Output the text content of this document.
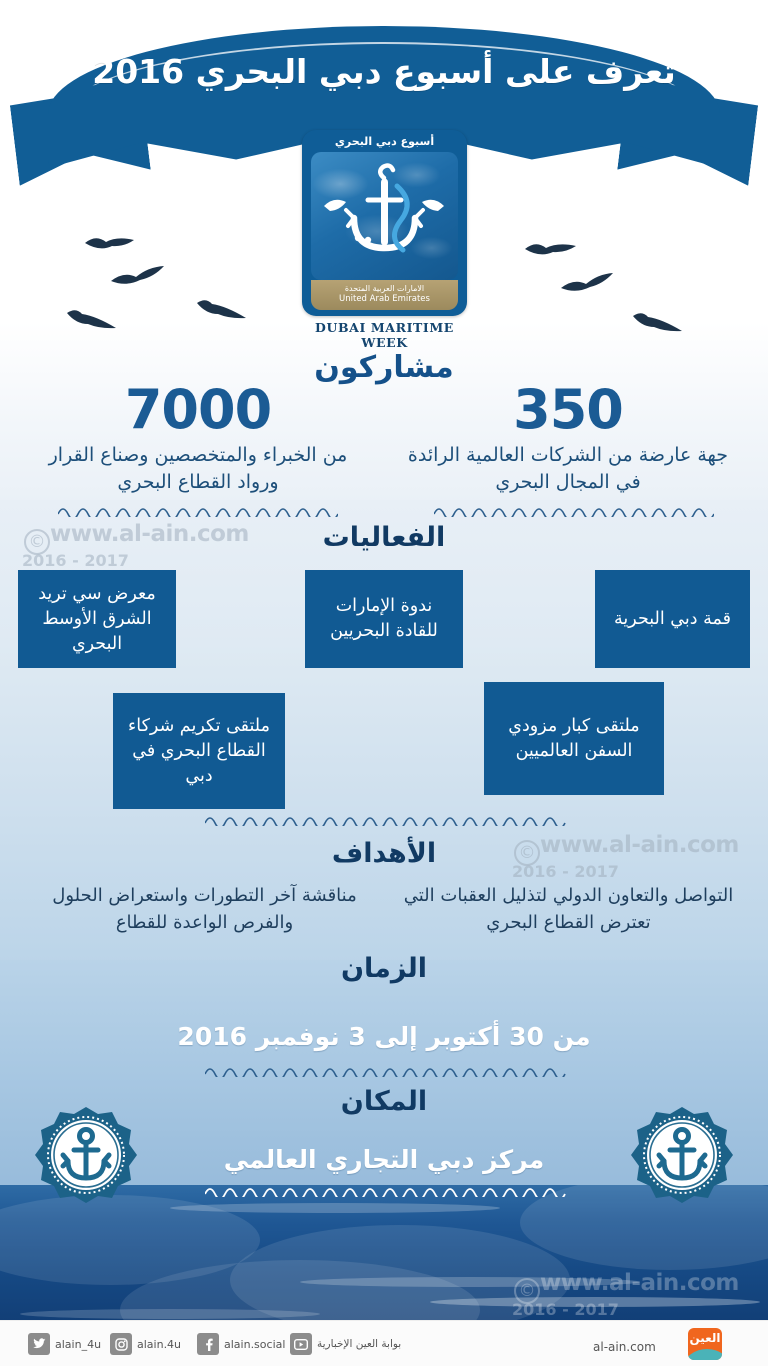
تعرف على أسبوع دبي البحري 2016
أسبوع دبي البحري
الامارات العربية المتحدة
United Arab Emirates
DUBAI MARITIME WEEK
مشاركون
7000
من الخبراء والمتخصصين وصناع القرار ورواد القطاع البحري
350
جهة عارضة من الشركات العالمية الرائدة في المجال البحري
الفعاليات
معرض سي تريد الشرق الأوسط البحري
ندوة الإمارات للقادة البحريين
قمة دبي البحرية
ملتقى تكريم شركاء القطاع البحري في دبي
ملتقى كبار مزودي السفن العالميين
الأهداف
مناقشة آخر التطورات واستعراض الحلول والفرص الواعدة للقطاع
التواصل والتعاون الدولي لتذليل العقبات التي تعترض القطاع البحري
الزمان
من 30 أكتوبر إلى 3 نوفمبر 2016
المكان
مركز دبي التجاري العالمي
© www.al-ain.com
2016 - 2017
© www.al-ain.com
2016 - 2017
© www.al-ain.com
2016 - 2017
alain_4u	alain.4u	alain.social	بوابة العين الإخبارية	al-ain.com
العين
